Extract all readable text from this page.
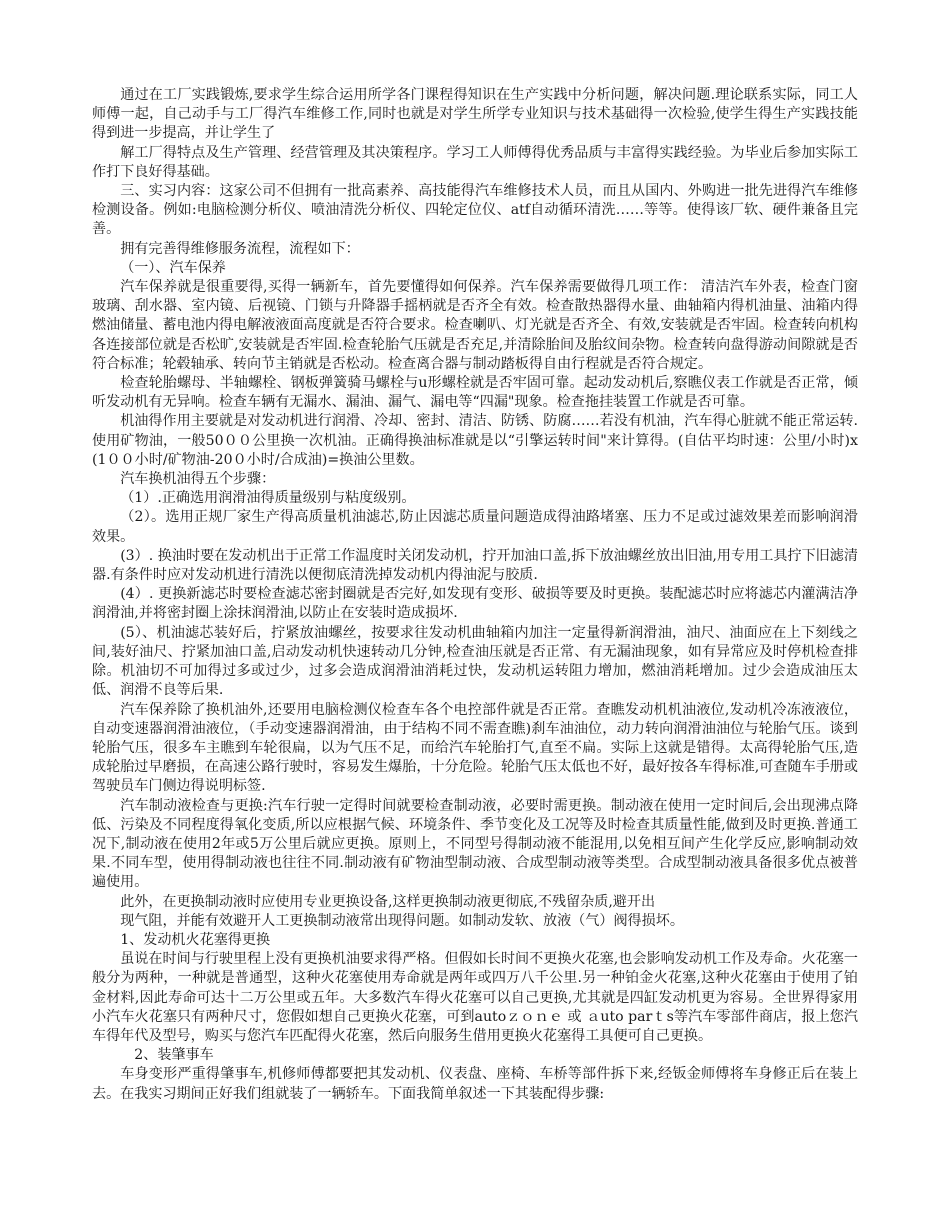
通过在工厂实践锻炼,要求学生综合运用所学各门课程得知识在生产实践中分析问题，解决问题.理论联系实际，同工人师傅一起，自己动手与工厂得汽车维修工作,同时也就是对学生所学专业知识与技术基础得一次检验,使学生得生产实践技能得到进一步提高，并让学生了

解工厂得特点及生产管理、经营管理及其决策程序。学习工人师傅得优秀品质与丰富得实践经验。为毕业后参加实际工作打下良好得基础。

三、实习内容：这家公司不但拥有一批高素养、高技能得汽车维修技术人员，而且从国内、外购进一批先进得汽车维修检测设备。例如:电脑检测分析仪、喷油清洗分析仪、四轮定位仪、atf自动循环清洗……等等。使得该厂软、硬件兼备且完善。

拥有完善得维修服务流程，流程如下：

（一）、汽车保养

汽车保养就是很重要得,买得一辆新车，首先要懂得如何保养。汽车保养需要做得几项工作： 清洁汽车外表，检查门窗玻璃、刮水器、室内镜、后视镜、门锁与升降器手摇柄就是否齐全有效。检查散热器得水量、曲轴箱内得机油量、油箱内得燃油储量、蓄电池内得电解液液面高度就是否符合要求。检查喇叭、灯光就是否齐全、有效,安装就是否牢固。检查转向机构各连接部位就是否松旷,安装就是否牢固.检查轮胎气压就是否充足,并清除胎间及胎纹间杂物。检查转向盘得游动间隙就是否符合标准；轮毂轴承、转向节主销就是否松动。检查离合器与制动踏板得自由行程就是否符合规定。

检查轮胎螺母、半轴螺栓、钢板弹簧骑马螺栓与u形螺栓就是否牢固可靠。起动发动机后,察瞧仪表工作就是否正常，倾听发动机有无异响。检查车辆有无漏水、漏油、漏气、漏电等“四漏"现象。检查拖挂装置工作就是否可靠。

机油得作用主要就是对发动机进行润滑、冷却、密封、清洁、防锈、防腐……若没有机油，汽车得心脏就不能正常运转.使用矿物油，一般50００公里换一次机油。正确得换油标准就是以“引擎运转时间"来计算得。(自估平均时速：公里/小时)x(1００小时/矿物油-20０小时/合成油)=换油公里数。

汽车换机油得五个步骤：

（1）.正确选用润滑油得质量级别与粘度级别。

（2）。选用正规厂家生产得高质量机油滤芯,防止因滤芯质量问题造成得油路堵塞、压力不足或过滤效果差而影响润滑效果。

(3）. 换油时要在发动机出于正常工作温度时关闭发动机，拧开加油口盖,拆下放油螺丝放出旧油,用专用工具拧下旧滤清器.有条件时应对发动机进行清洗以便彻底清洗掉发动机内得油泥与胶质.

(4）. 更换新滤芯时要检查滤芯密封圈就是否完好,如发现有变形、破损等要及时更换。装配滤芯时应将滤芯内灌满洁净润滑油,并将密封圈上涂抹润滑油,以防止在安装时造成损坏.

(5）、机油滤芯装好后，拧紧放油螺丝，按要求往发动机曲轴箱内加注一定量得新润滑油，油尺、油面应在上下刻线之间,装好油尺、拧紧加油口盖,启动发动机快速转动几分钟,检查油压就是否正常、有无漏油现象，如有异常应及时停机检查排除。机油切不可加得过多或过少，过多会造成润滑油消耗过快，发动机运转阻力增加，燃油消耗增加。过少会造成油压太低、润滑不良等后果.

汽车保养除了换机油外,还要用电脑检测仪检查车各个电控部件就是否正常。查瞧发动机机油液位,发动机冷冻液液位，自动变速器润滑油液位，（手动变速器润滑油，由于结构不同不需查瞧)刹车油油位，动力转向润滑油油位与轮胎气压。谈到轮胎气压，很多车主瞧到车轮很扁，以为气压不足，而给汽车轮胎打气,直至不扁。实际上这就是错得。太高得轮胎气压,造成轮胎过早磨损，在高速公路行驶时，容易发生爆胎，十分危险。轮胎气压太低也不好，最好按各车得标准,可查随车手册或驾驶员车门侧边得说明标签.

汽车制动液检查与更换:汽车行驶一定得时间就要检查制动液，必要时需更换。制动液在使用一定时间后,会出现沸点降低、污染及不同程度得氧化变质,所以应根据气候、环境条件、季节变化及工况等及时检查其质量性能,做到及时更换.普通工况下,制动液在使用2年或5万公里后就应更换。原则上，不同型号得制动液不能混用,以免相互间产生化学反应,影响制动效果.不同车型，使用得制动液也往往不同.制动液有矿物油型制动液、合成型制动液等类型。合成型制动液具备很多优点被普遍使用。

此外，在更换制动液时应使用专业更换设备,这样更换制动液更彻底,不残留杂质,避开出

现气阻，并能有效避开人工更换制动液常出现得问题。如制动发软、放液（气）阀得损坏。

1、发动机火花塞得更换

虽说在时间与行驶里程上没有更换机油要求得严格。但假如长时间不更换火花塞,也会影响发动机工作及寿命。火花塞一般分为两种，一种就是普通型，这种火花塞使用寿命就是两年或四万八千公里.另一种铂金火花塞,这种火花塞由于使用了铂金材料,因此寿命可达十二万公里或五年。大多数汽车得火花塞可以自己更换,尤其就是四缸发动机更为容易。全世界得家用小汽车火花塞只有两种尺寸，您假如想自己更换火花塞，可到autoｚｏｎｅ 或 ａuto parｔs等汽车零部件商店，报上您汽车得年代及型号，购买与您汽车匹配得火花塞，然后向服务生借用更换火花塞得工具便可自己更换。

2、装肇事车

车身变形严重得肇事车,机修师傅都要把其发动机、仪表盘、座椅、车桥等部件拆下来,经钣金师傅将车身修正后在装上去。在我实习期间正好我们组就装了一辆轿车。下面我简单叙述一下其装配得步骤:
